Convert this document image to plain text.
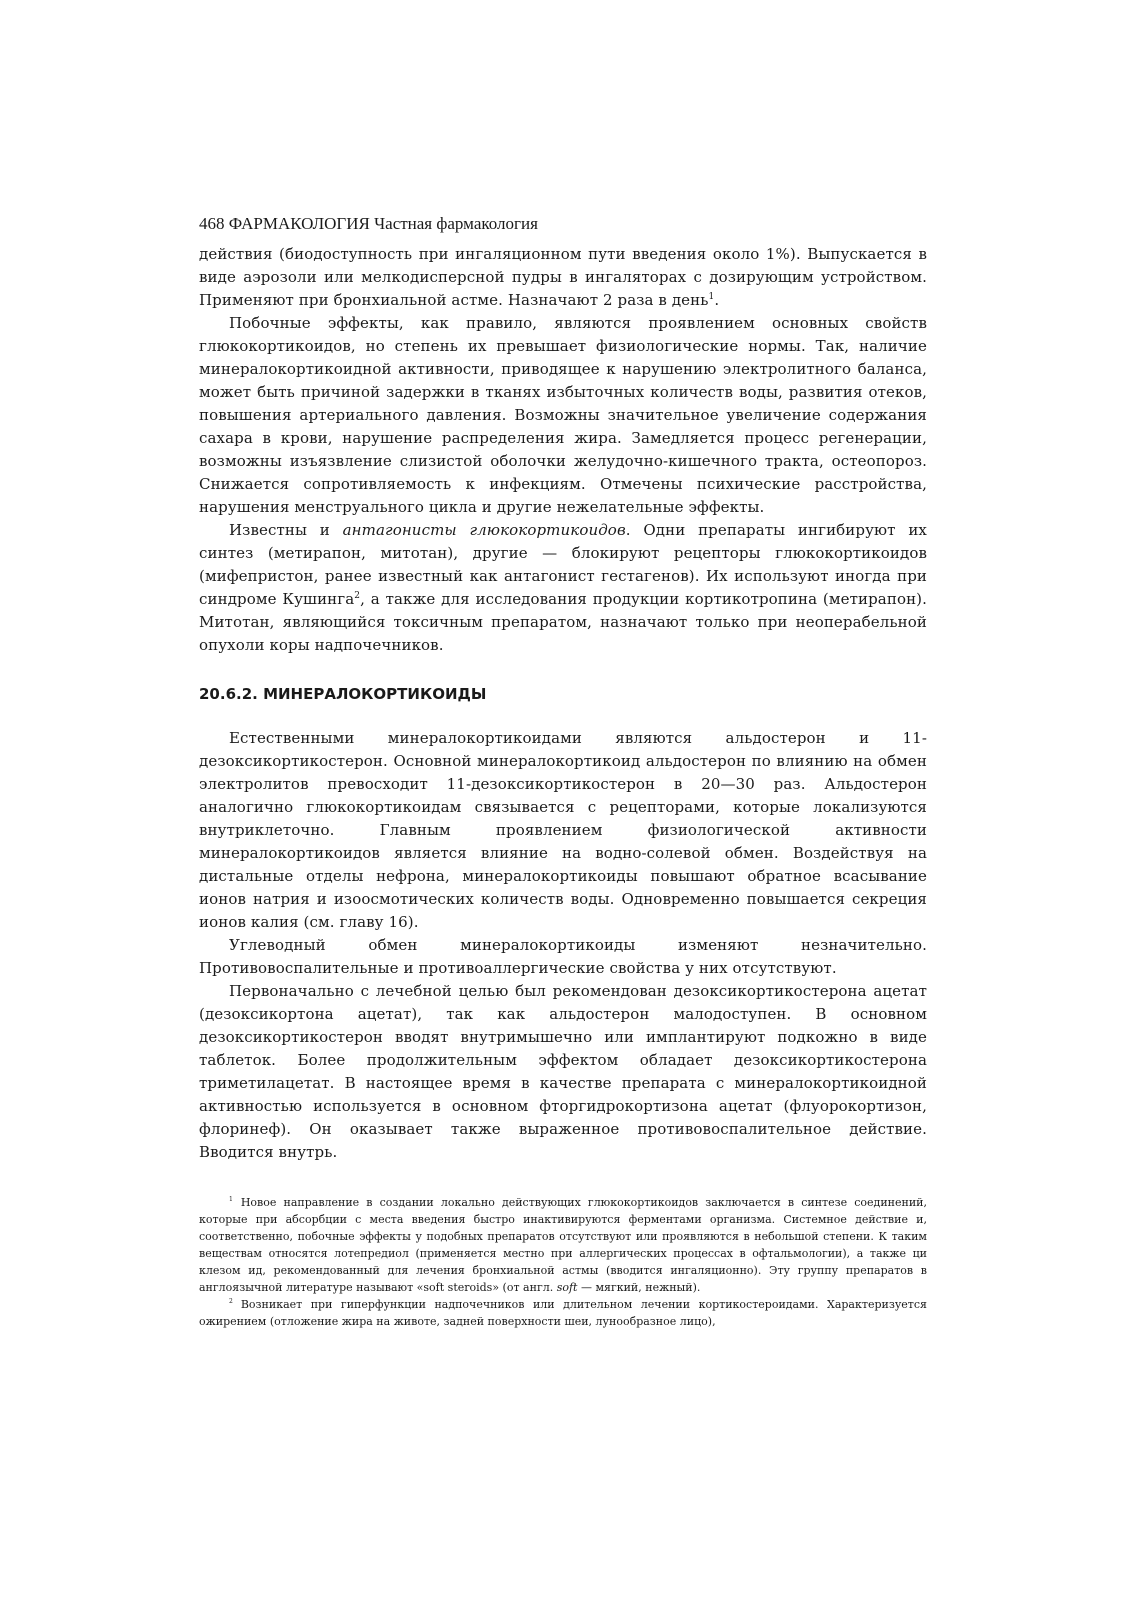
468 ФАРМАКОЛОГИЯ Частная фармакология

действия (биодоступность при ингаляционном пути введения около 1%). Выпускается в виде аэрозоли или мелкодисперсной пудры в ингаляторах с дозирующим устройством. Применяют при бронхиальной астме. Назначают 2 раза в день$^1$.

Побочные эффекты, как правило, являются проявлением основных свойств глюкокортикоидов, но степень их превышает физиологические нормы. Так, наличие минералокортикоидной активности, приводящее к нарушению электролитного баланса, может быть причиной задержки в тканях избыточных количеств воды, развития отеков, повышения артериального давления. Возможны значительное увеличение содержания сахара в крови, нарушение распределения жира. Замедляется процесс регенерации, возможны изъязвление слизистой оболочки желудочно-кишечного тракта, остеопороз. Снижается сопротивляемость к инфекциям. Отмечены психические расстройства, нарушения менструального цикла и другие нежелательные эффекты.

Известны и антагонисты глюкокортикоидов. Одни препараты ингибируют их синтез (метирапон, митотан), другие — блокируют рецепторы глюкокортикоидов (мифепристон, ранее известный как антагонист гестагенов). Их используют иногда при синдроме Кушинга$^2$, а также для исследования продукции кортикотропина (метирапон). Митотан, являющийся токсичным препаратом, назначают только при неоперабельной опухоли коры надпочечников.

20.6.2. МИНЕРАЛОКОРТИКОИДЫ

Естественными минералокортикоидами являются альдостерон и 11-дезоксикортикостерон. Основной минералокортикоид альдостерон по влиянию на обмен электролитов превосходит 11-дезоксикортикостерон в 20—30 раз. Альдостерон аналогично глюкокортикоидам связывается с рецепторами, которые локализуются внутриклеточно. Главным проявлением физиологической активности минералокортикоидов является влияние на водно-солевой обмен. Воздействуя на дистальные отделы нефрона, минералокортикоиды повышают обратное всасывание ионов натрия и изоосмотических количеств воды. Одновременно повышается секреция ионов калия (см. главу 16).

Углеводный обмен минералокортикоиды изменяют незначительно. Противовоспалительные и противоаллергические свойства у них отсутствуют.

Первоначально с лечебной целью был рекомендован дезоксикортикостерона ацетат (дезоксикортона ацетат), так как альдостерон малодоступен. В основном дезоксикортикостерон вводят внутримышечно или имплантируют подкожно в виде таблеток. Более продолжительным эффектом обладает дезоксикортикостерона триметилацетат. В настоящее время в качестве препарата с минералокортикоидной активностью используется в основном фторгидрокортизона ацетат (флуорокортизон, флоринеф). Он оказывает также выраженное противовоспалительное действие. Вводится внутрь.

$^1$ Новое направление в создании локально действующих глюкокортикоидов заключается в синтезе соединений, которые при абсорбции с места введения быстро инактивируются ферментами организма. Системное действие и, соответственно, побочные эффекты у подобных препаратов отсутствуют или проявляются в небольшой степени. К таким веществам относятся лотепредиол (применяется местно при аллергических процессах в офтальмологии), а также ци клезом ид, рекомендованный для лечения бронхиальной астмы (вводится ингаляционно). Эту группу препаратов в англоязычной литературе называют «soft steroids» (от англ. soft — мягкий, нежный).

$^2$ Возникает при гиперфункции надпочечников или длительном лечении кортикостероидами. Характеризуется ожирением (отложение жира на животе, задней поверхности шеи, лунообразное лицо),
